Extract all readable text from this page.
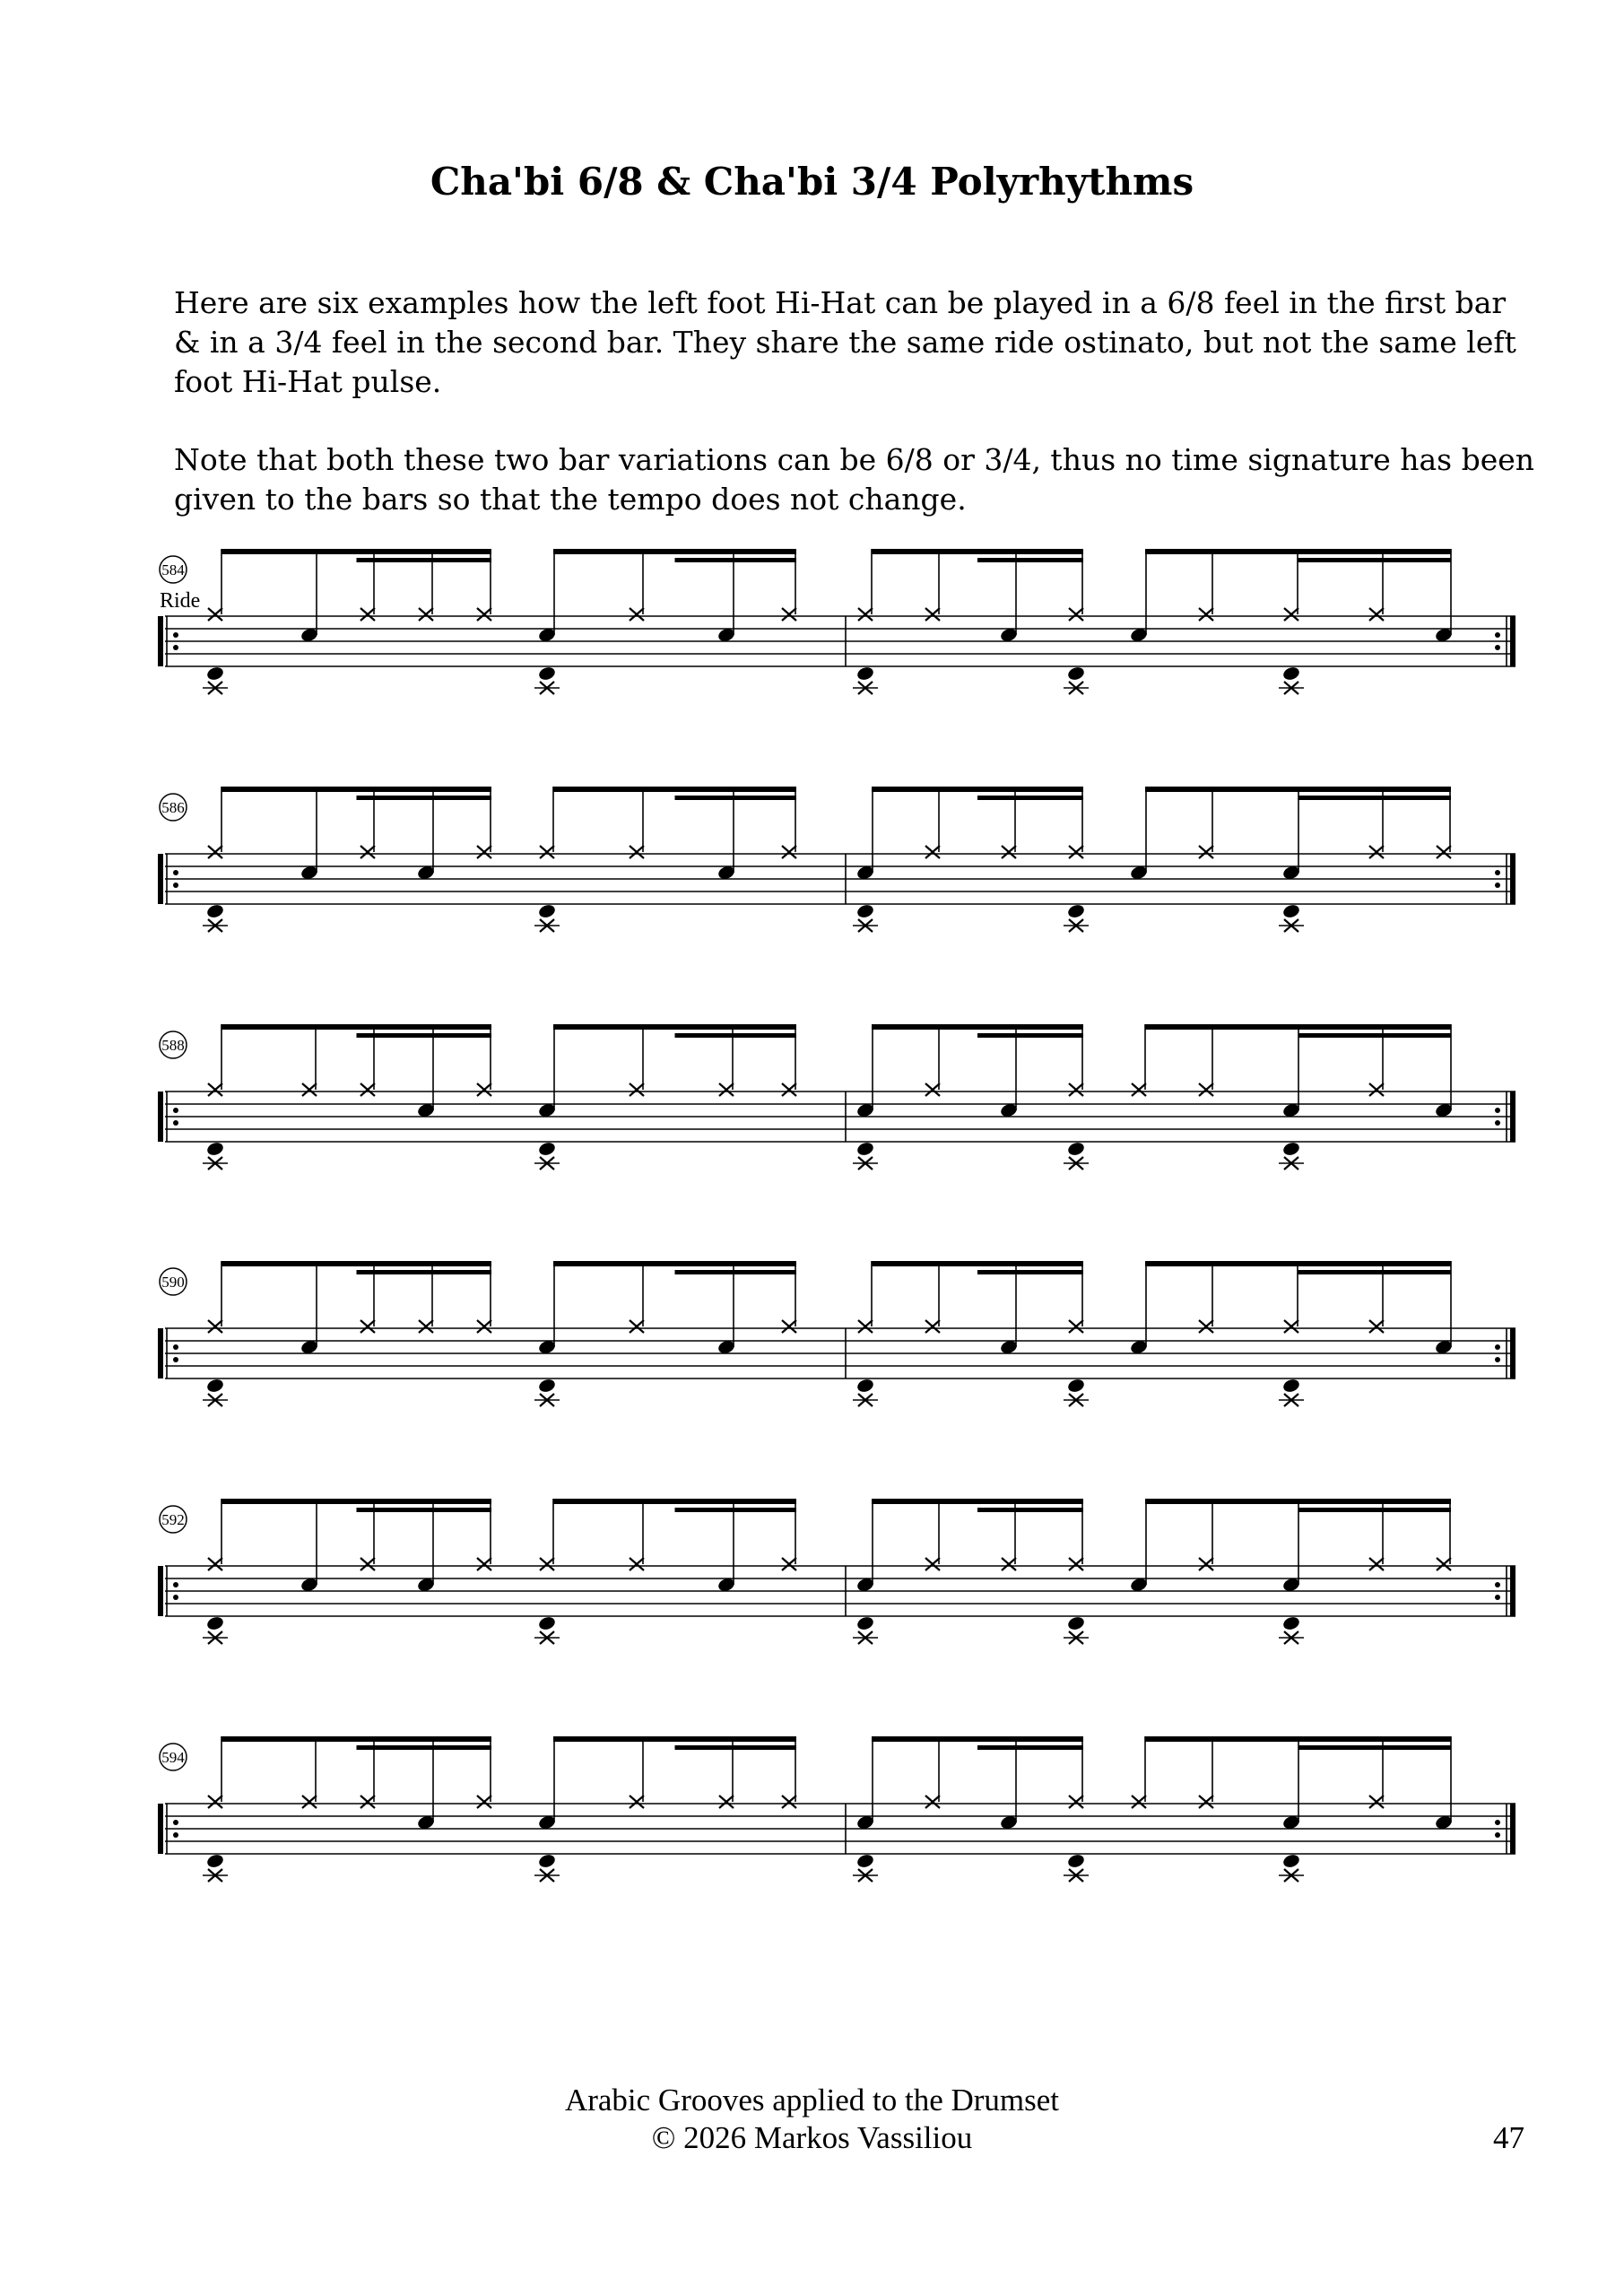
Cha'bi 6/8 & Cha'bi 3/4 Polyrhythms

Here are six examples how the left foot Hi-Hat can be played in a 6/8 feel in the first bar & in a 3/4 feel in the second bar. They share the same ride ostinato, but not the same left foot Hi-Hat pulse.

Note that both these two bar variations can be 6/8 or 3/4, thus no time signature has been given to the bars so that the tempo does not change.

584
Ride
586
588
590
592
594
Arabic Grooves applied to the Drumset
© 2026 Markos Vassiliou	47
